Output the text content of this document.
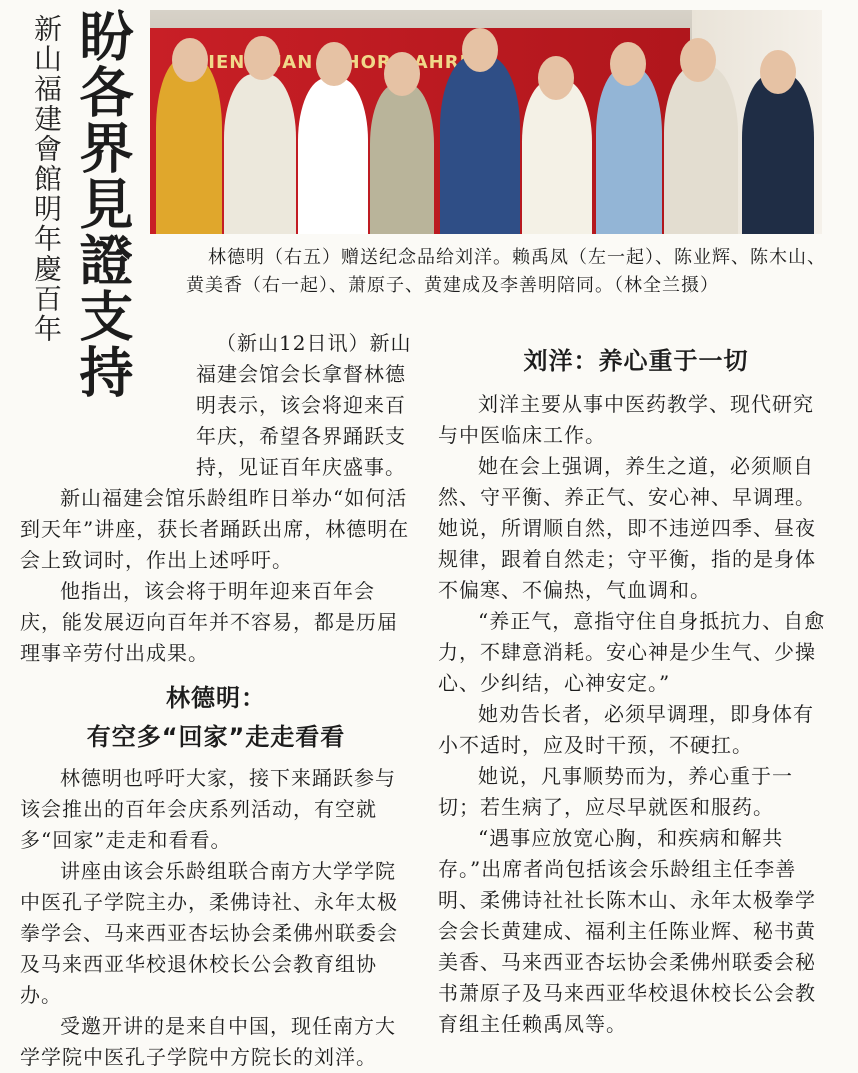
盼各界見證支持
新山福建會館明年慶百年	EKIEN KUAN JOHOR BAHRU
林德明（右五）赠送纪念品给刘洋。赖禹凤（左一起）、陈业辉、陈木山、黄美香（右一起）、萧原子、黄建成及李善明陪同。（林全兰摄）

（新山12日讯）新山福建会馆会长拿督林德明表示，该会将迎来百年庆，希望各界踊跃支持，见证百年庆盛事。

新山福建会馆乐龄组昨日举办“如何活到天年”讲座，获长者踊跃出席，林德明在会上致词时，作出上述呼吁。

他指出，该会将于明年迎来百年会庆，能发展迈向百年并不容易，都是历届理事辛劳付出成果。

林德明：
有空多“回家”走走看看

林德明也呼吁大家，接下来踊跃参与该会推出的百年会庆系列活动，有空就多“回家”走走和看看。

讲座由该会乐龄组联合南方大学学院中医孔子学院主办，柔佛诗社、永年太极拳学会、马来西亚杏坛协会柔佛州联委会及马来西亚华校退休校长公会教育组协办。

受邀开讲的是来自中国，现任南方大学学院中医孔子学院中方院长的刘洋。

刘洋：养心重于一切

刘洋主要从事中医药教学、现代研究与中医临床工作。

她在会上强调，养生之道，必须顺自然、守平衡、养正气、安心神、早调理。她说，所谓顺自然，即不违逆四季、昼夜规律，跟着自然走；守平衡，指的是身体不偏寒、不偏热，气血调和。

“养正气，意指守住自身抵抗力、自愈力，不肆意消耗。安心神是少生气、少操心、少纠结，心神安定。”

她劝告长者，必须早调理，即身体有小不适时，应及时干预，不硬扛。

她说，凡事顺势而为，养心重于一切；若生病了，应尽早就医和服药。

“遇事应放宽心胸，和疾病和解共存。”出席者尚包括该会乐龄组主任李善明、柔佛诗社社长陈木山、永年太极拳学会会长黄建成、福利主任陈业辉、秘书黄美香、马来西亚杏坛协会柔佛州联委会秘书萧原子及马来西亚华校退休校长公会教育组主任赖禹凤等。
